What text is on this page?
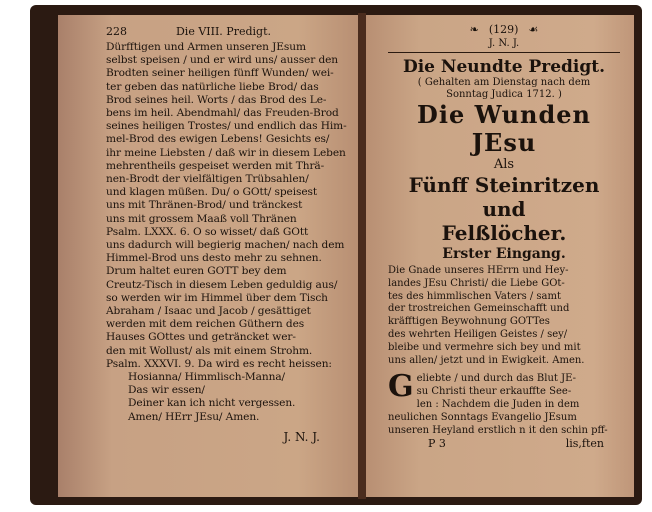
228	Die VIII. Predigt.
Dürfftigen und Armen unseren JEsum
selbst speisen / und er wird uns/ ausser den
Brodten seiner heiligen fünff Wunden/ wei-
ter geben das natürliche liebe Brod/ das
Brod seines heil. Worts / das Brod des Le-
bens im heil. Abendmahl/ das Freuden-Brod
seines heiligen Trostes/ und endlich das Him-
mel-Brod des ewigen Lebens! Gesichts es/
ihr meine Liebsten / daß wir in diesem Leben
mehrentheils gespeiset werden mit Thrä-
nen-Brodt der vielfältigen Trübsahlen/
und klagen müßen. Du/ o GOtt/ speisest
uns mit Thränen-Brod/ und tränckest
uns mit grossem Maaß voll Thränen
Psalm. LXXX. 6. O so wisset/ daß GOtt
uns dadurch will begierig machen/ nach dem
Himmel-Brod uns desto mehr zu sehnen.
Drum haltet euren GOTT bey dem
Creutz-Tisch in diesem Leben geduldig aus/
so werden wir im Himmel über dem Tisch
Abraham / Isaac und Jacob / gesättiget
werden mit dem reichen Güthern des
Hauses GOttes und geträncket wer-
den mit Wollust/ als mit einem Strohm.
Psalm. XXXVI. 9. Da wird es recht heissen:
Hosianna/ Himmlisch-Manna/
Das wir essen/
Deiner kan ich nicht vergessen.
Amen/ HErr JEsu/ Amen.
J. N. J.
❧ (129) ☙
J. N. J.
Die Neundte Predigt.
( Gehalten am Dienstag nach dem
Sonntag Judica 1712. )
Die Wunden JEsu
Als
Fünff Steinritzen und
Felßlöcher.
Erster Eingang.
Die Gnade unseres HErrn und Hey-
landes JEsu Christi/ die Liebe GOt-
tes des himmlischen Vaters / samt
der trostreichen Gemeinschafft und
kräfftigen Beywohnung GOTTes
des wehrten Heiligen Geistes / sey/
bleibe und vermehre sich bey und mit
uns allen/ jetzt und in Ewigkeit. Amen.
G eliebte / und durch das Blut JE-
su Christi theur erkauffte See-
len : Nachdem die Juden in dem
neulichen Sonntags Evangelio JEsum
unseren Heyland erstlich n it den schin pff-
P 3	lis,ften
